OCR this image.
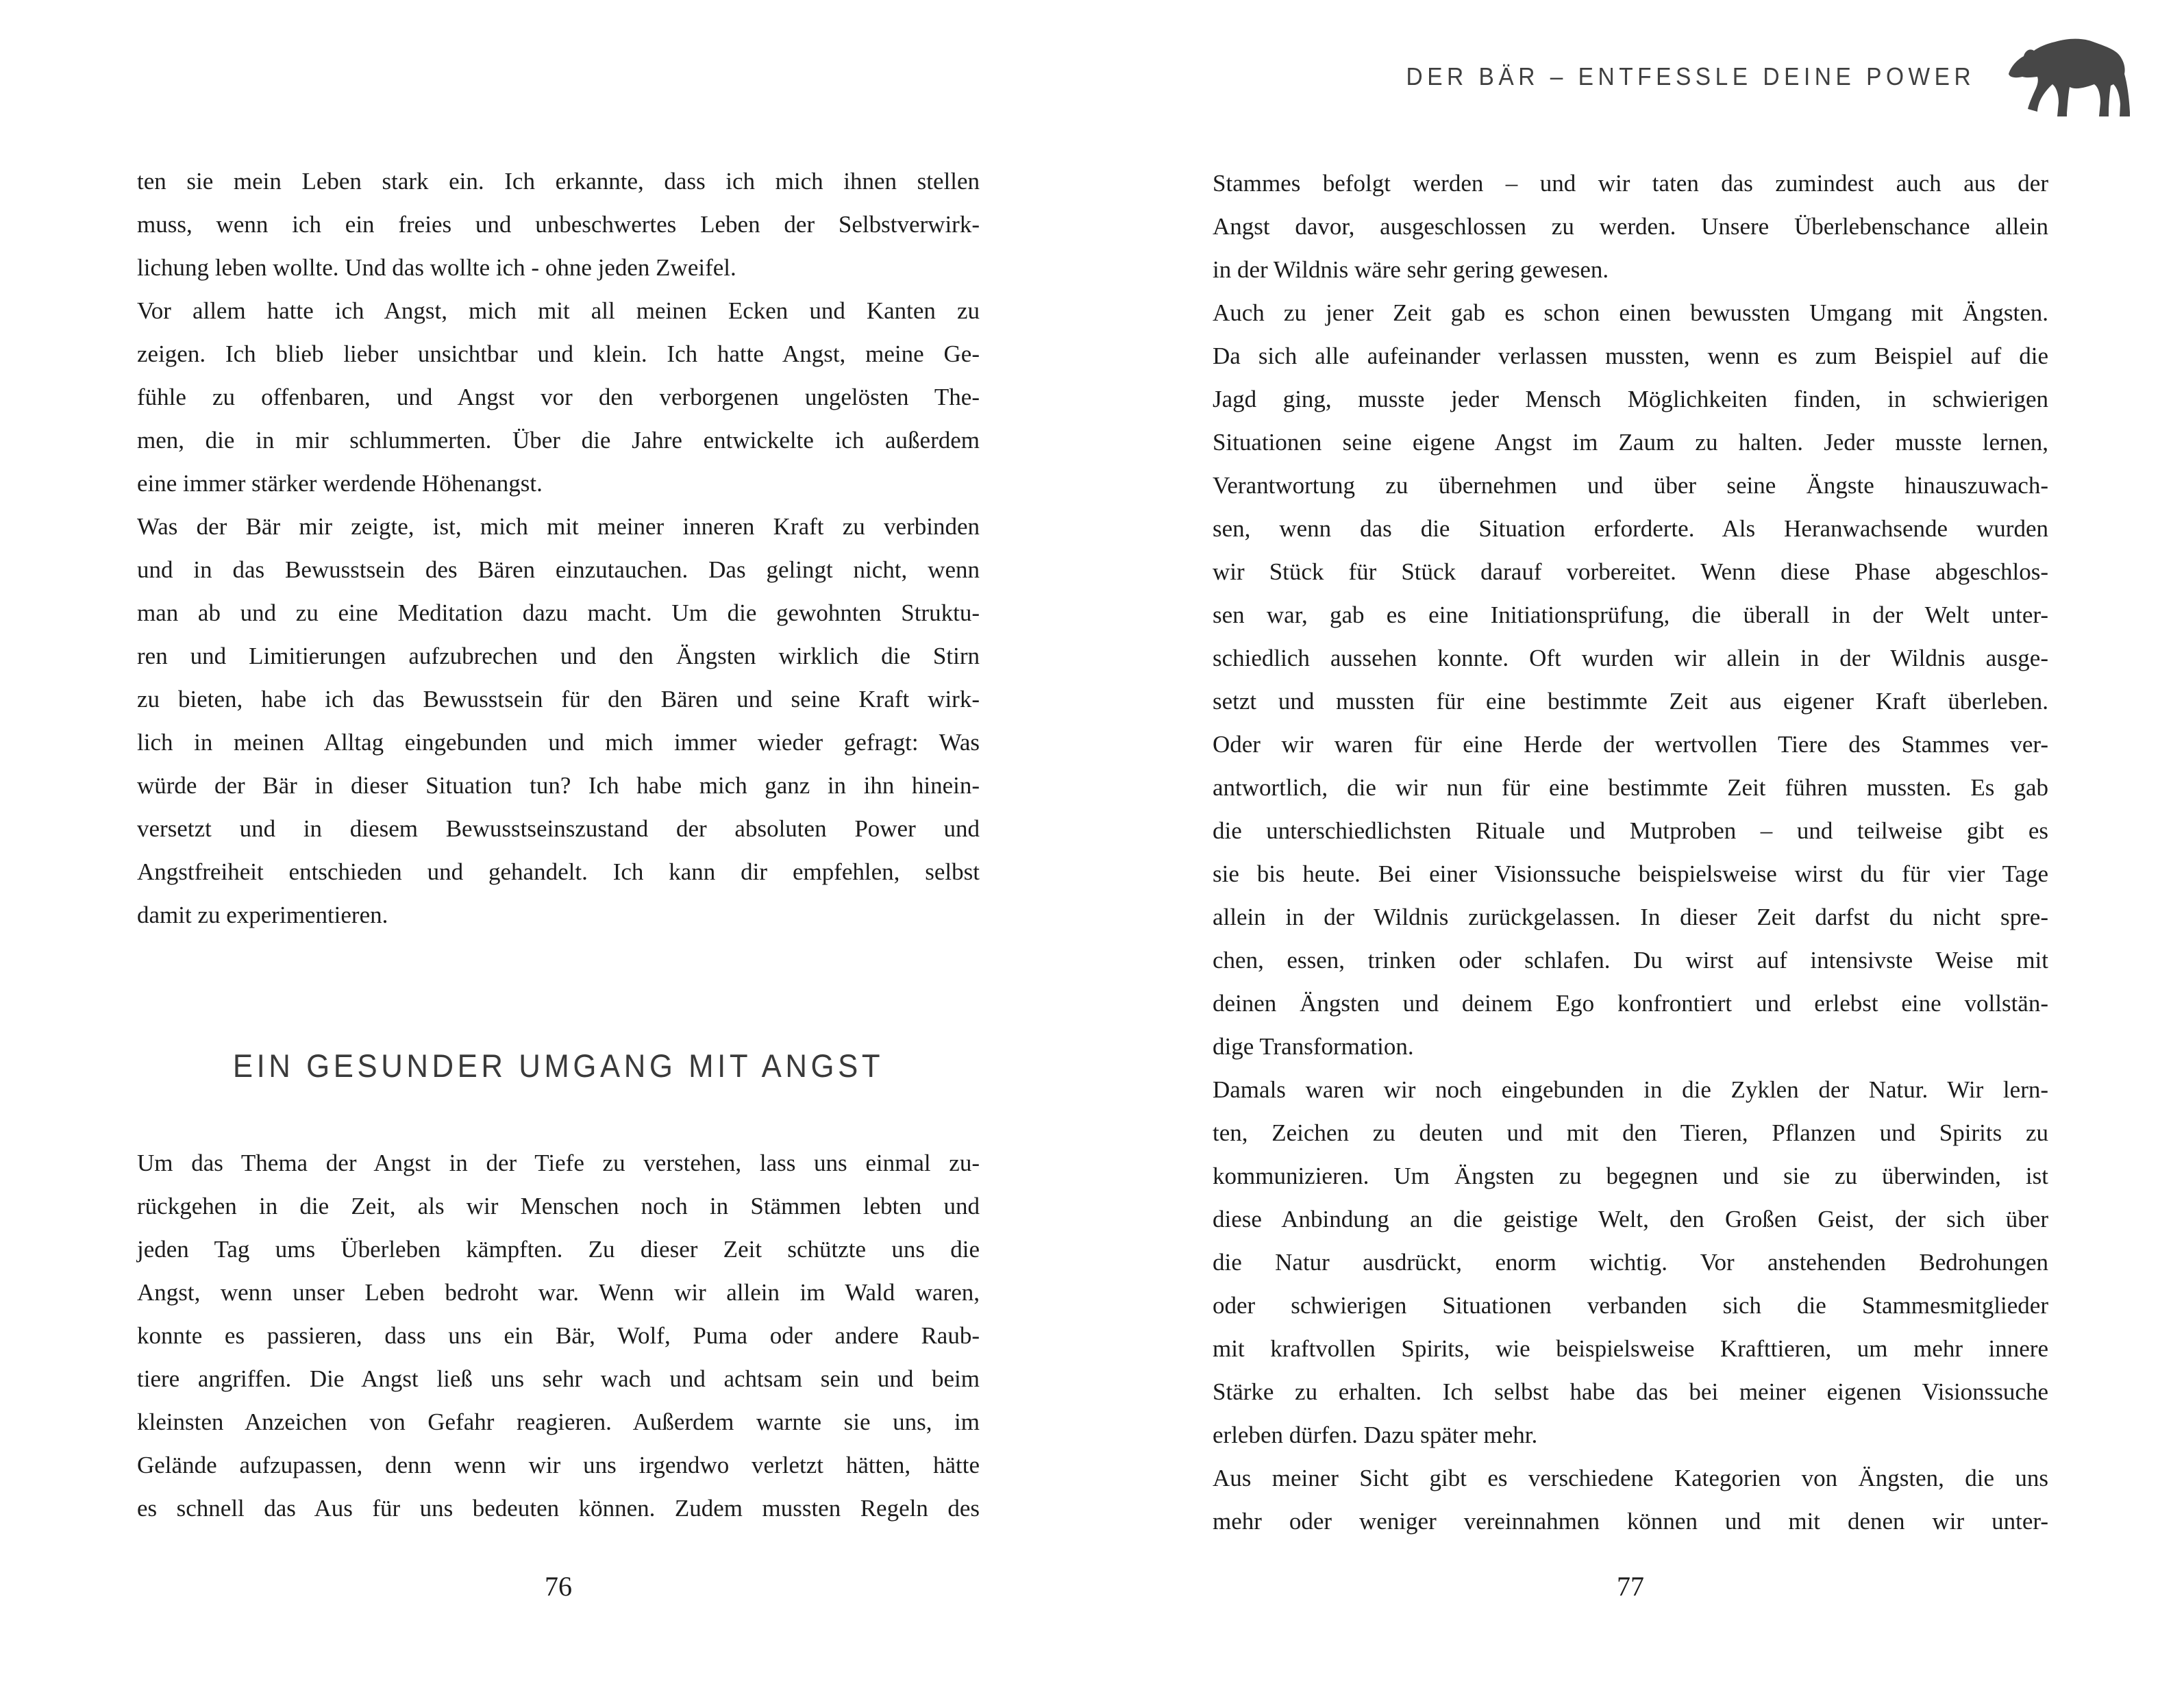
ten sie mein Leben stark ein. Ich erkannte, dass ich mich ihnen stellen
muss, wenn ich ein freies und unbeschwertes Leben der Selbstverwirk-
lichung leben wollte. Und das wollte ich - ohne jeden Zweifel.
Vor allem hatte ich Angst, mich mit all meinen Ecken und Kanten zu
zeigen. Ich blieb lieber unsichtbar und klein. Ich hatte Angst, meine Ge-
fühle zu offenbaren, und Angst vor den verborgenen ungelösten The-
men, die in mir schlummerten. Über die Jahre entwickelte ich außerdem
eine immer stärker werdende Höhenangst.
Was der Bär mir zeigte, ist, mich mit meiner inneren Kraft zu verbinden
und in das Bewusstsein des Bären einzutauchen. Das gelingt nicht, wenn
man ab und zu eine Meditation dazu macht. Um die gewohnten Struktu-
ren und Limitierungen aufzubrechen und den Ängsten wirklich die Stirn
zu bieten, habe ich das Bewusstsein für den Bären und seine Kraft wirk-
lich in meinen Alltag eingebunden und mich immer wieder gefragt: Was
würde der Bär in dieser Situation tun? Ich habe mich ganz in ihn hinein-
versetzt und in diesem Bewusstseinszustand der absoluten Power und
Angstfreiheit entschieden und gehandelt. Ich kann dir empfehlen, selbst
damit zu experimentieren.
EIN GESUNDER UMGANG MIT ANGST
Um das Thema der Angst in der Tiefe zu verstehen, lass uns einmal zu-
rückgehen in die Zeit, als wir Menschen noch in Stämmen lebten und
jeden Tag ums Überleben kämpften. Zu dieser Zeit schützte uns die
Angst, wenn unser Leben bedroht war. Wenn wir allein im Wald waren,
konnte es passieren, dass uns ein Bär, Wolf, Puma oder andere Raub-
tiere angriffen. Die Angst ließ uns sehr wach und achtsam sein und beim
kleinsten Anzeichen von Gefahr reagieren. Außerdem warnte sie uns, im
Gelände aufzupassen, denn wenn wir uns irgendwo verletzt hätten, hätte
es schnell das Aus für uns bedeuten können. Zudem mussten Regeln des
76
DER BÄR – ENTFESSLE DEINE POWER
Stammes befolgt werden – und wir taten das zumindest auch aus der
Angst davor, ausgeschlossen zu werden. Unsere Überlebenschance allein
in der Wildnis wäre sehr gering gewesen.
Auch zu jener Zeit gab es schon einen bewussten Umgang mit Ängsten.
Da sich alle aufeinander verlassen mussten, wenn es zum Beispiel auf die
Jagd ging, musste jeder Mensch Möglichkeiten finden, in schwierigen
Situationen seine eigene Angst im Zaum zu halten. Jeder musste lernen,
Verantwortung zu übernehmen und über seine Ängste hinauszuwach-
sen, wenn das die Situation erforderte. Als Heranwachsende wurden
wir Stück für Stück darauf vorbereitet. Wenn diese Phase abgeschlos-
sen war, gab es eine Initiationsprüfung, die überall in der Welt unter-
schiedlich aussehen konnte. Oft wurden wir allein in der Wildnis ausge-
setzt und mussten für eine bestimmte Zeit aus eigener Kraft überleben.
Oder wir waren für eine Herde der wertvollen Tiere des Stammes ver-
antwortlich, die wir nun für eine bestimmte Zeit führen mussten. Es gab
die unterschiedlichsten Rituale und Mutproben – und teilweise gibt es
sie bis heute. Bei einer Visionssuche beispielsweise wirst du für vier Tage
allein in der Wildnis zurückgelassen. In dieser Zeit darfst du nicht spre-
chen, essen, trinken oder schlafen. Du wirst auf intensivste Weise mit
deinen Ängsten und deinem Ego konfrontiert und erlebst eine vollstän-
dige Transformation.
Damals waren wir noch eingebunden in die Zyklen der Natur. Wir lern-
ten, Zeichen zu deuten und mit den Tieren, Pflanzen und Spirits zu
kommunizieren. Um Ängsten zu begegnen und sie zu überwinden, ist
diese Anbindung an die geistige Welt, den Großen Geist, der sich über
die Natur ausdrückt, enorm wichtig. Vor anstehenden Bedrohungen
oder schwierigen Situationen verbanden sich die Stammesmitglieder
mit kraftvollen Spirits, wie beispielsweise Krafttieren, um mehr innere
Stärke zu erhalten. Ich selbst habe das bei meiner eigenen Visionssuche
erleben dürfen. Dazu später mehr.
Aus meiner Sicht gibt es verschiedene Kategorien von Ängsten, die uns
mehr oder weniger vereinnahmen können und mit denen wir unter-
77
